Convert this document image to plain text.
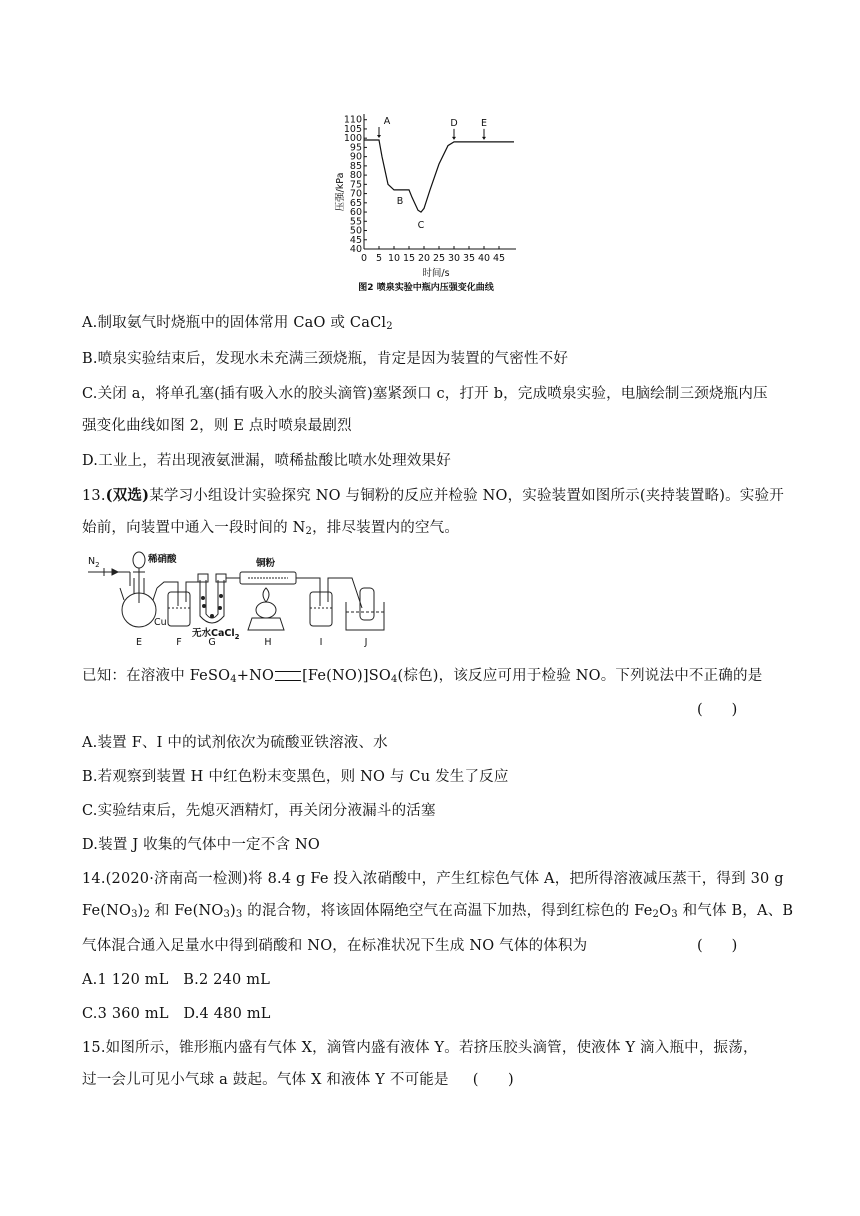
40
45
50
55
60
65
70
75
80
85
90
95
100
105
110
0 5 10 15 20 25 30 35 40 45
A
B
C
D E
压强/kPa
时间/s
图2 喷泉实验中瓶内压强变化曲线
A.制取氨气时烧瓶中的固体常用 CaO 或 CaCl$_2$
B.喷泉实验结束后，发现水未充满三颈烧瓶，肯定是因为装置的气密性不好
C.关闭 a，将单孔塞(插有吸入水的胶头滴管)塞紧颈口 c，打开 b，完成喷泉实验，电脑绘制三颈烧瓶内压
强变化曲线如图 2，则 E 点时喷泉最剧烈
D.工业上，若出现液氨泄漏，喷稀盐酸比喷水处理效果好
13.(双选)某学习小组设计实验探究 NO 与铜粉的反应并检验 NO，实验装置如图所示(夹持装置略)。实验开
始前，向装置中通入一段时间的 $N_2$，排尽装置内的空气。
$N_2$	稀硝酸
Cu
铜粉
无水CaCl$_2$
E	F	G	H	I	J
已知：在溶液中 FeSO$_4$+NO $[Fe(NO)]SO_4$(棕色)，该反应可用于检验 NO。下列说法中不正确的是
(　　)
A.装置 F、I 中的试剂依次为硫酸亚铁溶液、水
B.若观察到装置 H 中红色粉末变黑色，则 NO 与 Cu 发生了反应
C.实验结束后，先熄灭酒精灯，再关闭分液漏斗的活塞
D.装置 J 收集的气体中一定不含 NO
14.(2020·济南高一检测)将 8.4 g Fe 投入浓硝酸中，产生红棕色气体 A，把所得溶液减压蒸干，得到 30 g
$Fe(NO_3)_2$ 和 $Fe(NO_3)_3$ 的混合物，将该固体隔绝空气在高温下加热，得到红棕色的 $Fe_2O_3$ 和气体 B，A、B
气体混合通入足量水中得到硝酸和 NO，在标准状况下生成 NO 气体的体积为	(　　)
A.1 120 mL　B.2 240 mL
C.3 360 mL　D.4 480 mL
15.如图所示，锥形瓶内盛有气体 X，滴管内盛有液体 Y。若挤压胶头滴管，使液体 Y 滴入瓶中，振荡，
过一会儿可见小气球 a 鼓起。气体 X 和液体 Y 不可能是 (　　)
